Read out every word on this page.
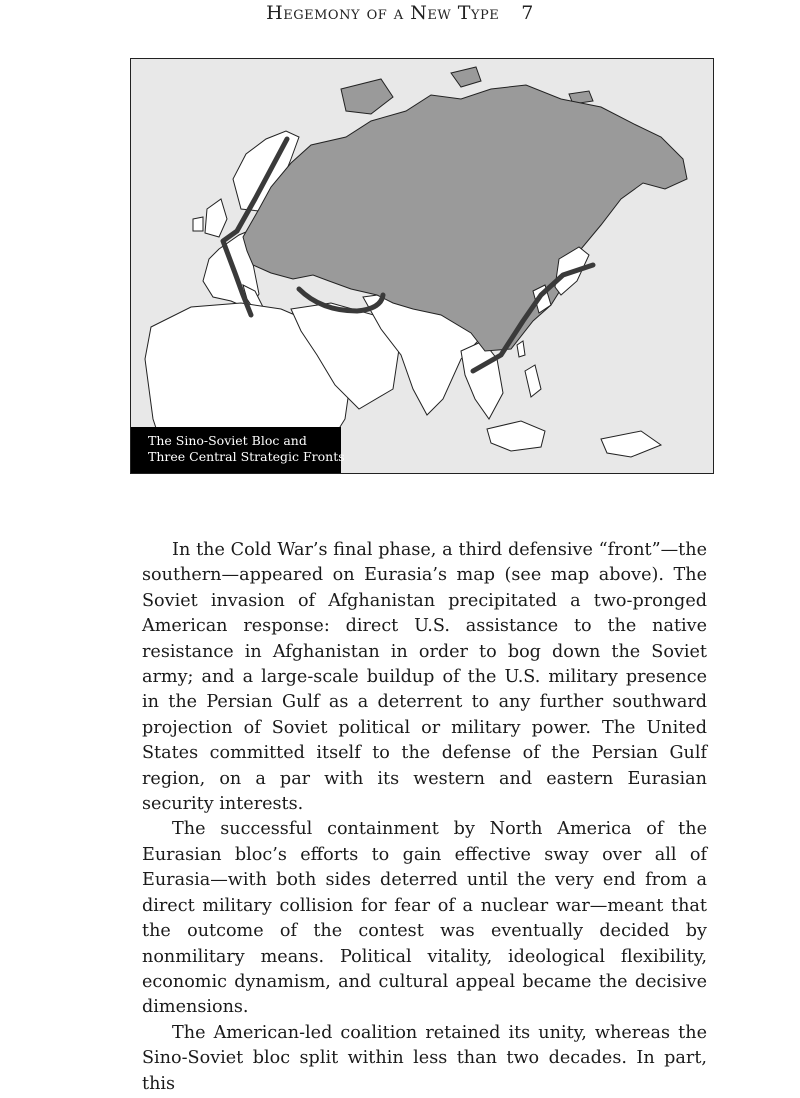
Hegemony of a New Type 7
The Sino-Soviet Bloc and
Three Central Strategic Fronts

In the Cold War’s final phase, a third defensive “front”—the southern—appeared on Eurasia’s map (see map above). The Soviet invasion of Afghanistan precipitated a two-pronged American response: direct U.S. assistance to the native resistance in Afghanistan in order to bog down the Soviet army; and a large-scale buildup of the U.S. military presence in the Persian Gulf as a deterrent to any further southward projection of Soviet political or military power. The United States committed itself to the defense of the Persian Gulf region, on a par with its western and eastern Eurasian security interests.

The successful containment by North America of the Eurasian bloc’s efforts to gain effective sway over all of Eurasia—with both sides deterred until the very end from a direct military collision for fear of a nuclear war—meant that the outcome of the contest was eventually decided by nonmilitary means. Political vitality, ideological flexibility, economic dynamism, and cultural appeal became the decisive dimensions.

The American-led coalition retained its unity, whereas the Sino-Soviet bloc split within less than two decades. In part, this
